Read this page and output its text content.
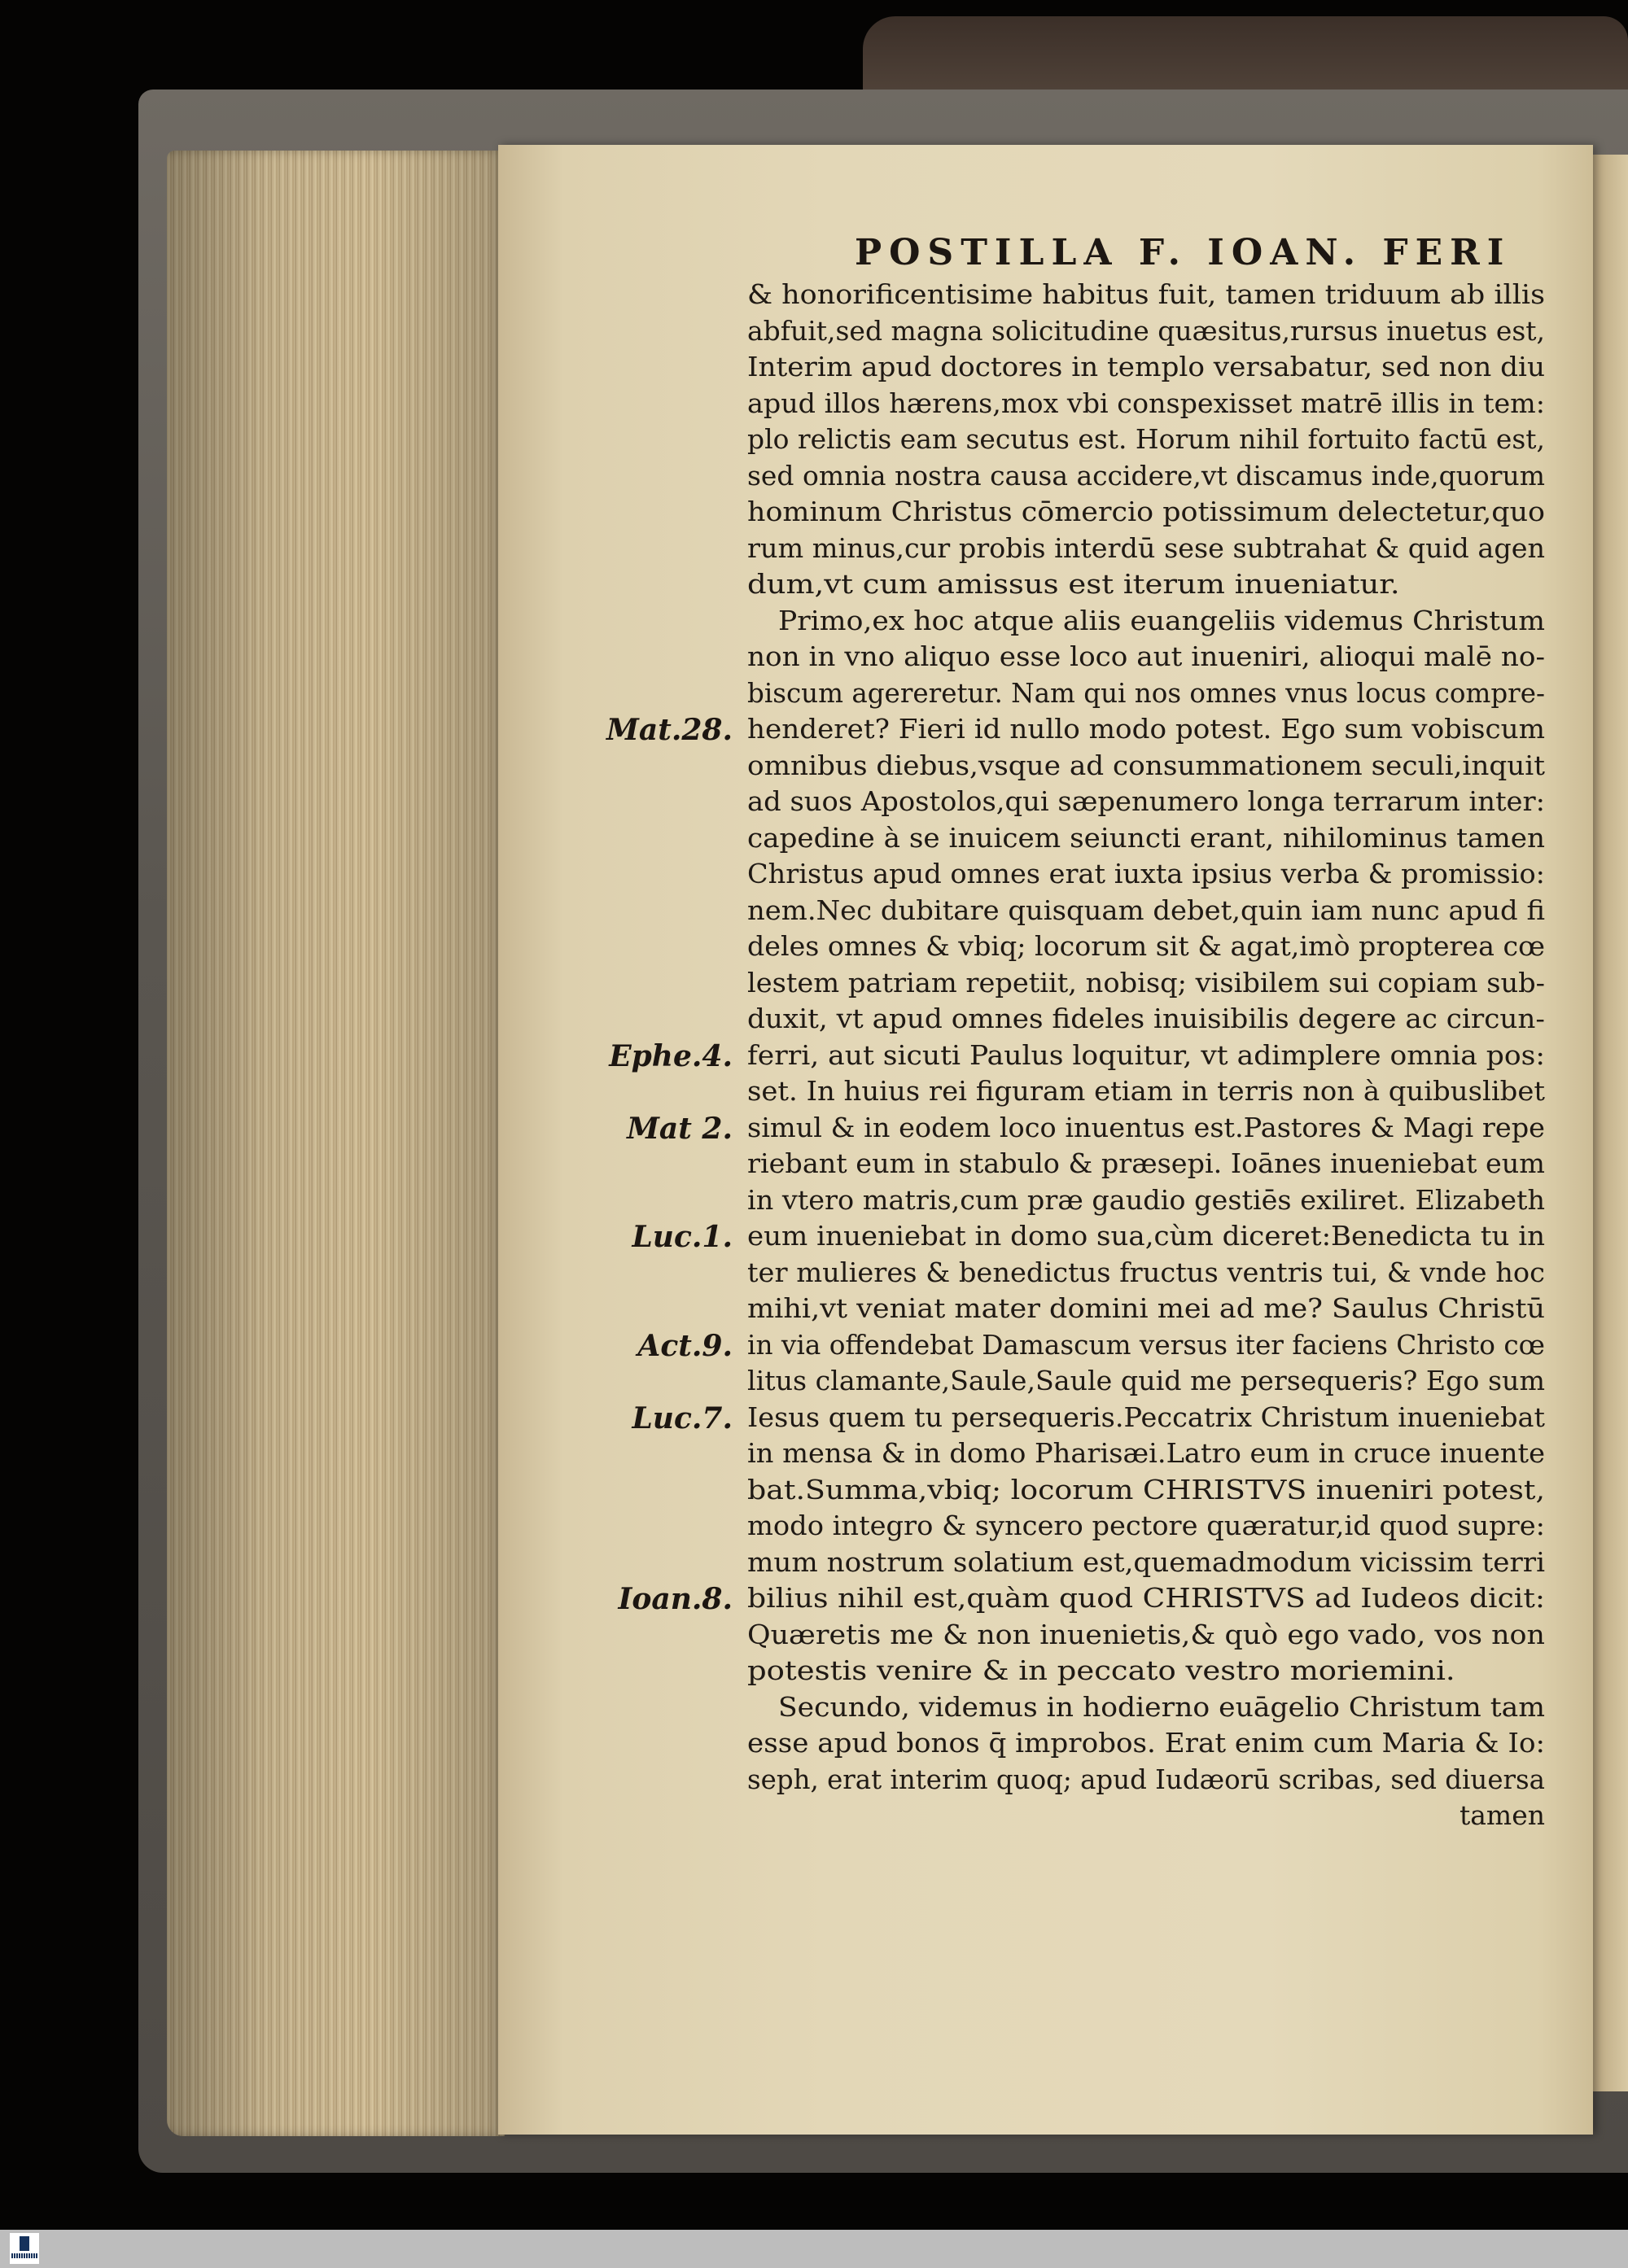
POSTILLA F. IOAN. FERI
& honorificentisime habitus fuit, tamen triduum ab illis
abfuit,sed magna solicitudine quæsitus,rursus inuetus est,
Interim apud doctores in templo versabatur, sed non diu
apud illos hærens,mox vbi conspexisset matrē illis in tem:
plo relictis eam secutus est. Horum nihil fortuito factū est,
sed omnia nostra causa accidere,vt discamus inde,quorum
hominum Christus cōmercio potissimum delectetur,quo
rum minus,cur probis interdū sese subtrahat & quid agen
dum,vt cum amissus est iterum inueniatur.
Primo,ex hoc atque aliis euangeliis videmus Christum
non in vno aliquo esse loco aut inueniri, alioqui malē no-
biscum agereretur. Nam qui nos omnes vnus locus compre-
henderet? Fieri id nullo modo potest. Ego sum vobiscum
omnibus diebus,vsque ad consummationem seculi,inquit
ad suos Apostolos,qui sæpenumero longa terrarum inter:
capedine à se inuicem seiuncti erant, nihilominus tamen
Christus apud omnes erat iuxta ipsius verba & promissio:
nem.Nec dubitare quisquam debet,quin iam nunc apud fi
deles omnes & vbiq; locorum sit & agat,imò propterea cœ
lestem patriam repetiit, nobisq; visibilem sui copiam sub-
duxit, vt apud omnes fideles inuisibilis degere ac circun-
ferri, aut sicuti Paulus loquitur, vt adimplere omnia pos:
set. In huius rei figuram etiam in terris non à quibuslibet
simul & in eodem loco inuentus est.Pastores & Magi repe
riebant eum in stabulo & præsepi. Ioānes inueniebat eum
in vtero matris,cum præ gaudio gestiēs exiliret. Elizabeth
eum inueniebat in domo sua,cùm diceret:Benedicta tu in
ter mulieres & benedictus fructus ventris tui, & vnde hoc
mihi,vt veniat mater domini mei ad me? Saulus Christū
in via offendebat Damascum versus iter faciens Christo cœ
litus clamante,Saule,Saule quid me persequeris? Ego sum
Iesus quem tu persequeris.Peccatrix Christum inueniebat
in mensa & in domo Pharisæi.Latro eum in cruce inuente
bat.Summa,vbiq; locorum CHRISTVS inueniri potest,
modo integro & syncero pectore quæratur,id quod supre:
mum nostrum solatium est,quemadmodum vicissim terri
bilius nihil est,quàm quod CHRISTVS ad Iudeos dicit:
Quæretis me & non inuenietis,& quò ego vado, vos non
potestis venire & in peccato vestro moriemini.
Secundo, videmus in hodierno euāgelio Christum tam
esse apud bonos q̄ improbos. Erat enim cum Maria & Io:
seph, erat interim quoq; apud Iudæorū scribas, sed diuersa
tamen
Mat.28.
Ephe.4.
Mat 2.
Luc.1.
Act.9.
Luc.7.
Ioan.8.
